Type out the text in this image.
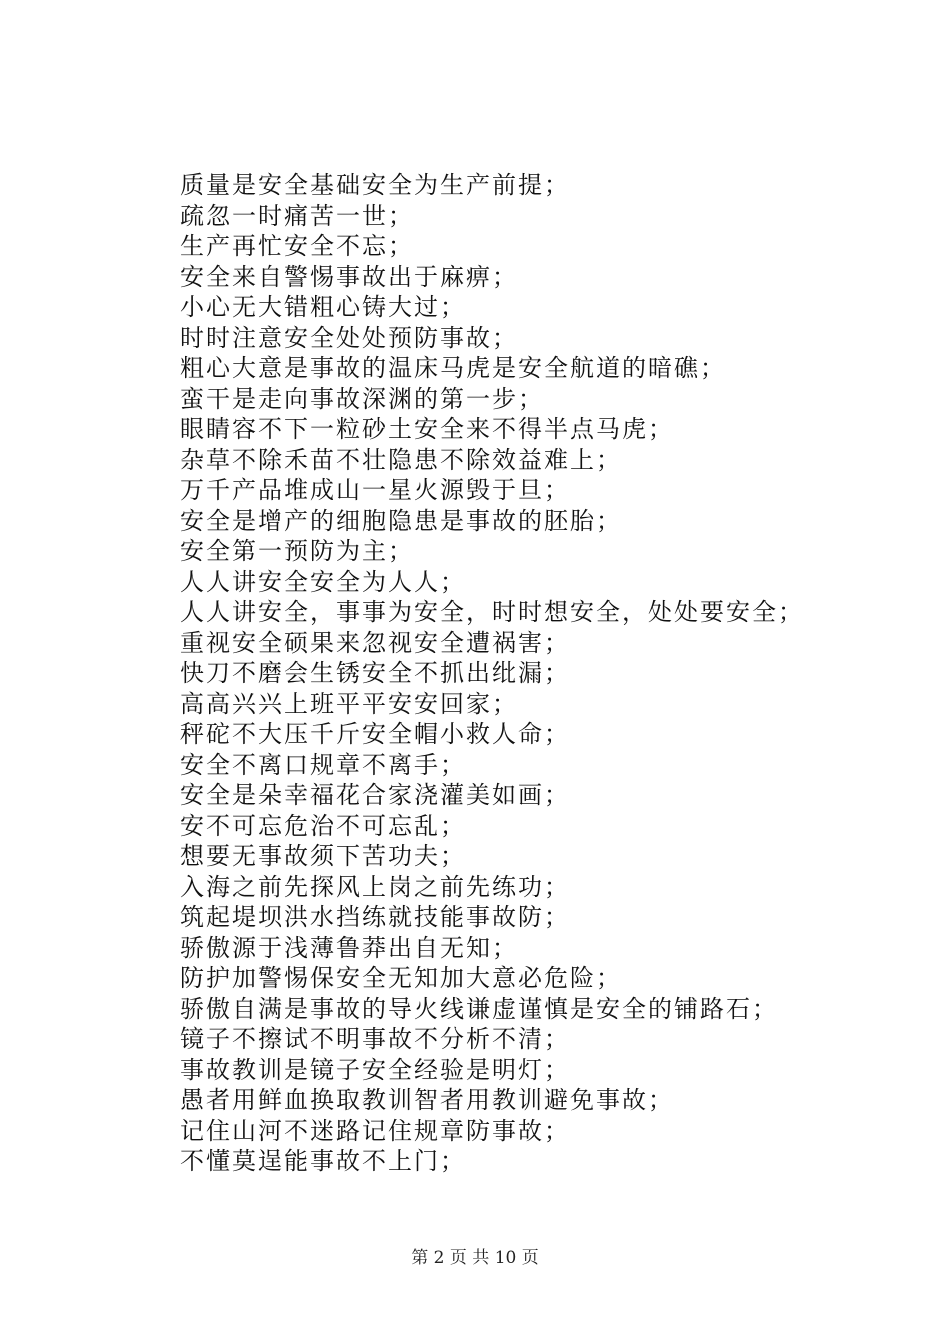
质量是安全基础安全为生产前提；
疏忽一时痛苦一世；
生产再忙安全不忘；
安全来自警惕事故出于麻痹；
小心无大错粗心铸大过；
时时注意安全处处预防事故；
粗心大意是事故的温床马虎是安全航道的暗礁；
蛮干是走向事故深渊的第一步；
眼睛容不下一粒砂土安全来不得半点马虎；
杂草不除禾苗不壮隐患不除效益难上；
万千产品堆成山一星火源毁于旦；
安全是增产的细胞隐患是事故的胚胎；
安全第一预防为主；
人人讲安全安全为人人；
人人讲安全，事事为安全，时时想安全，处处要安全；
重视安全硕果来忽视安全遭祸害；
快刀不磨会生锈安全不抓出纰漏；
高高兴兴上班平平安安回家；
秤砣不大压千斤安全帽小救人命；
安全不离口规章不离手；
安全是朵幸福花合家浇灌美如画；
安不可忘危治不可忘乱；
想要无事故须下苦功夫；
入海之前先探风上岗之前先练功；
筑起堤坝洪水挡练就技能事故防；
骄傲源于浅薄鲁莽出自无知；
防护加警惕保安全无知加大意必危险；
骄傲自满是事故的导火线谦虚谨慎是安全的铺路石；
镜子不擦试不明事故不分析不清；
事故教训是镜子安全经验是明灯；
愚者用鲜血换取教训智者用教训避免事故；
记住山河不迷路记住规章防事故；
不懂莫逞能事故不上门；
第 2 页 共 10 页
